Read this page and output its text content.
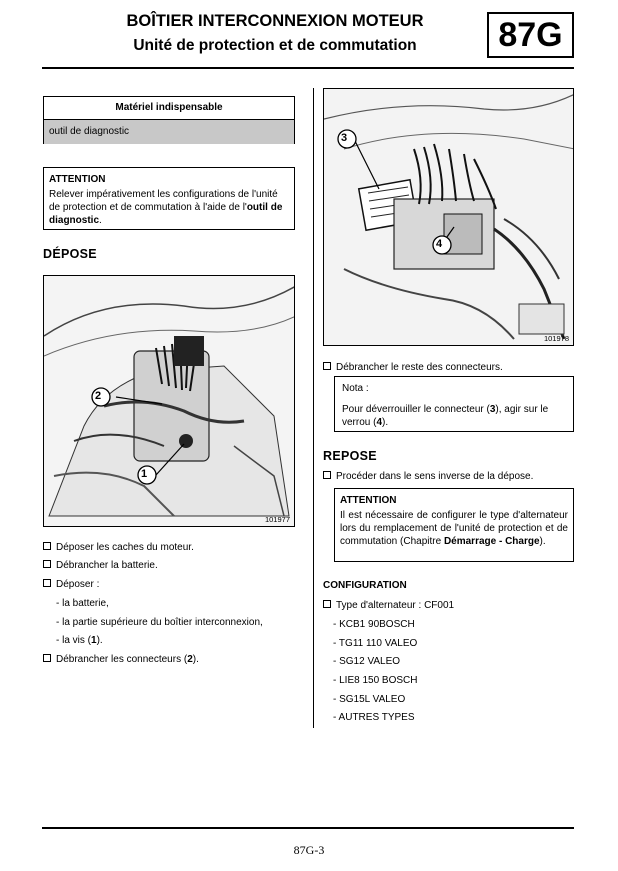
BOÎTIER INTERCONNEXION MOTEUR
Unité de protection et de commutation	87G
Matériel indispensable
outil de diagnostic
ATTENTION
Relever impérativement les configurations de l'unité de protection et de commutation à l'aide de l'outil de diagnostic.
DÉPOSE
2
1
101977
Déposer les caches du moteur.
Débrancher la batterie.
Déposer :
- la batterie,
- la partie supérieure du boîtier interconnexion,
- la vis (1).
Débrancher les connecteurs (2).
3
4
101978
Débrancher le reste des connecteurs.
Nota :
Pour déverrouiller le connecteur (3), agir sur le verrou (4).
REPOSE
Procéder dans le sens inverse de la dépose.
ATTENTION
Il est nécessaire de configurer le type d'alternateur lors du remplacement de l'unité de protection et de commutation (Chapitre Démarrage - Charge).
CONFIGURATION
Type d'alternateur : CF001
- KCB1 90BOSCH
- TG11 110 VALEO
- SG12 VALEO
- LIE8 150 BOSCH
- SG15L VALEO
- AUTRES TYPES
87G-3
